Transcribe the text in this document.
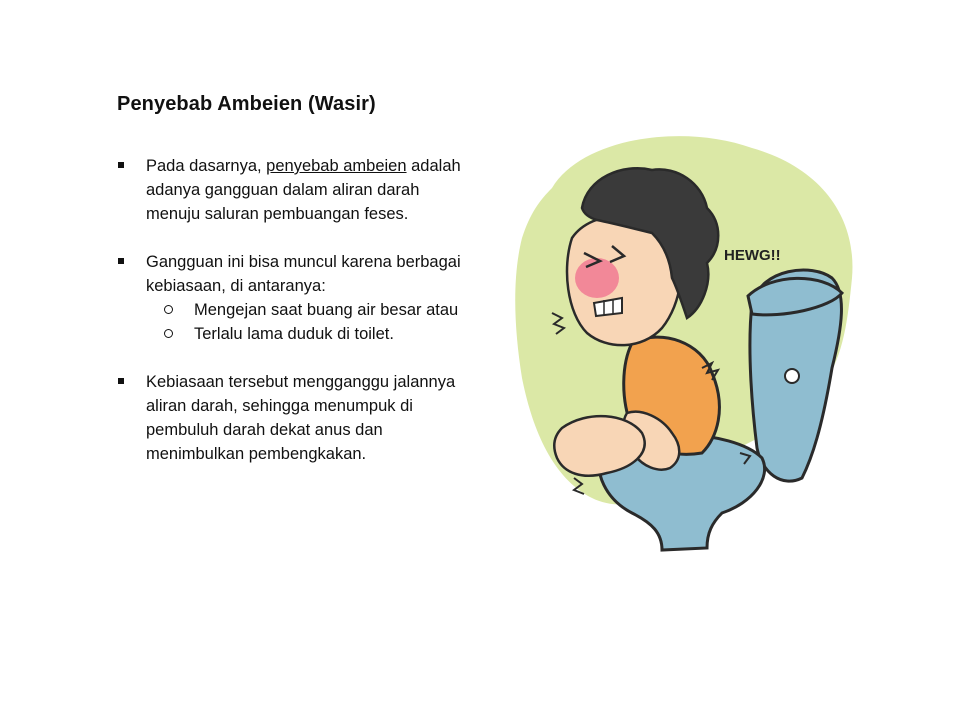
Penyebab Ambeien (Wasir)
Pada dasarnya, penyebab ambeien adalah adanya gangguan dalam aliran darah menuju saluran pembuangan feses.
Gangguan ini bisa muncul karena berbagai kebiasaan, di antaranya:
Mengejan saat buang air besar atau
Terlalu lama duduk di toilet.
Kebiasaan tersebut mengganggu jalannya aliran darah, sehingga menumpuk di pembuluh darah dekat anus dan menimbulkan pembengkakan.
HEWG!!
